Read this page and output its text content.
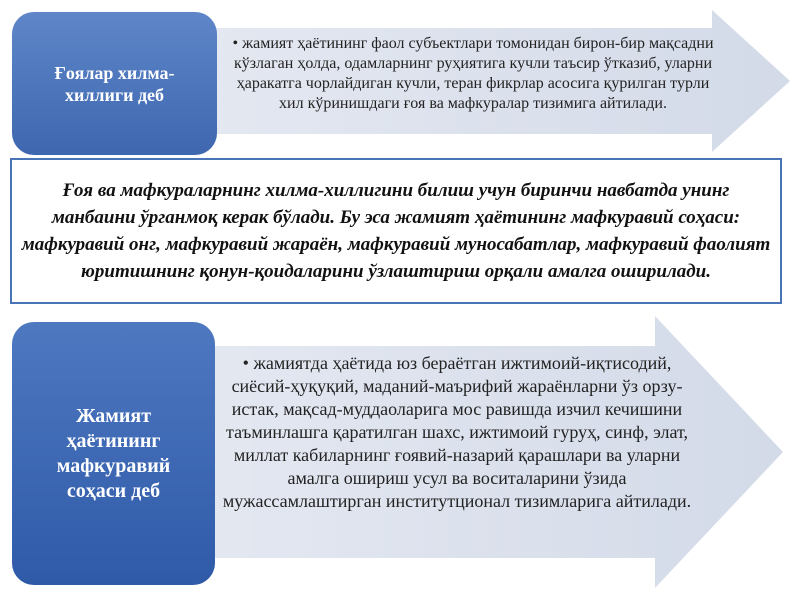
Ғоялар хилма-
хиллиги деб
• жамият ҳаётининг фаол субъектлари томонидан бирон-бир мақсадни кўзлаган ҳолда, одамларнинг руҳиятига кучли таъсир ўтказиб, уларни ҳаракатга чорлайдиган кучли, теран фикрлар асосига қурилган турли хил кўринишдаги ғоя ва мафкуралар тизимига айтилади.
Ғоя ва мафкураларнинг хилма-хиллигини билиш учун биринчи навбатда унинг манбаини ўрганмоқ керак бўлади. Бу эса жамият ҳаётининг мафкуравий соҳаси: мафкуравий онг, мафкуравий жараён, мафкуравий муносабатлар, мафкуравий фаолият юритишнинг қонун-қоидаларини ўзлаштириш орқали амалга оширилади.
Жамият
ҳаётининг
мафкуравий
соҳаси деб
• жамиятда ҳаётида юз бераётган ижтимоий-иқтисодий, сиёсий-ҳуқуқий, маданий-маърифий жараёнларни ўз орзу-истак, мақсад-муддаоларига мос равишда изчил кечишини таъминлашга қаратилган шахс, ижтимоий гуруҳ, синф, элат, миллат кабиларнинг ғоявий-назарий қарашлари ва уларни амалга ошириш усул ва воситаларини ўзида мужассамлаштирган институтционал тизимларига айтилади.
